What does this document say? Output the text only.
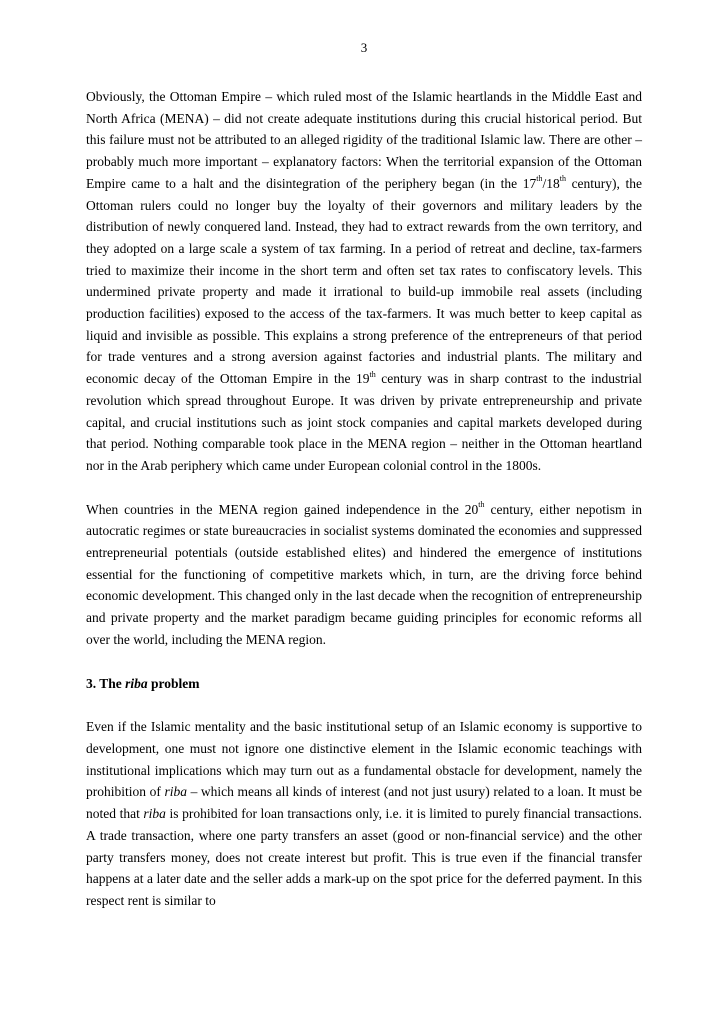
3

Obviously, the Ottoman Empire – which ruled most of the Islamic heartlands in the Middle East and North Africa (MENA) – did not create adequate institutions during this crucial historical period. But this failure must not be attributed to an alleged rigidity of the traditional Islamic law. There are other – probably much more important – explanatory factors: When the territorial expansion of the Ottoman Empire came to a halt and the disintegration of the periphery began (in the 17th/18th century), the Ottoman rulers could no longer buy the loyalty of their governors and military leaders by the distribution of newly conquered land. Instead, they had to extract rewards from the own territory, and they adopted on a large scale a system of tax farming. In a period of retreat and decline, tax-farmers tried to maximize their income in the short term and often set tax rates to confiscatory levels. This undermined private property and made it irrational to build-up immobile real assets (including production facilities) exposed to the access of the tax-farmers. It was much better to keep capital as liquid and invisible as possible. This explains a strong preference of the entrepreneurs of that period for trade ventures and a strong aversion against factories and industrial plants. The military and economic decay of the Ottoman Empire in the 19th century was in sharp contrast to the industrial revolution which spread throughout Europe. It was driven by private entrepreneurship and private capital, and crucial institutions such as joint stock companies and capital markets developed during that period. Nothing comparable took place in the MENA region – neither in the Ottoman heartland nor in the Arab periphery which came under European colonial control in the 1800s.

When countries in the MENA region gained independence in the 20th century, either nepotism in autocratic regimes or state bureaucracies in socialist systems dominated the economies and suppressed entrepreneurial potentials (outside established elites) and hindered the emergence of institutions essential for the functioning of competitive markets which, in turn, are the driving force behind economic development. This changed only in the last decade when the recognition of entrepreneurship and private property and the market paradigm became guiding principles for economic reforms all over the world, including the MENA region.

3. The riba problem

Even if the Islamic mentality and the basic institutional setup of an Islamic economy is supportive to development, one must not ignore one distinctive element in the Islamic economic teachings with institutional implications which may turn out as a fundamental obstacle for development, namely the prohibition of riba – which means all kinds of interest (and not just usury) related to a loan. It must be noted that riba is prohibited for loan transactions only, i.e. it is limited to purely financial transactions. A trade transaction, where one party transfers an asset (good or non-financial service) and the other party transfers money, does not create interest but profit. This is true even if the financial transfer happens at a later date and the seller adds a mark-up on the spot price for the deferred payment. In this respect rent is similar to
